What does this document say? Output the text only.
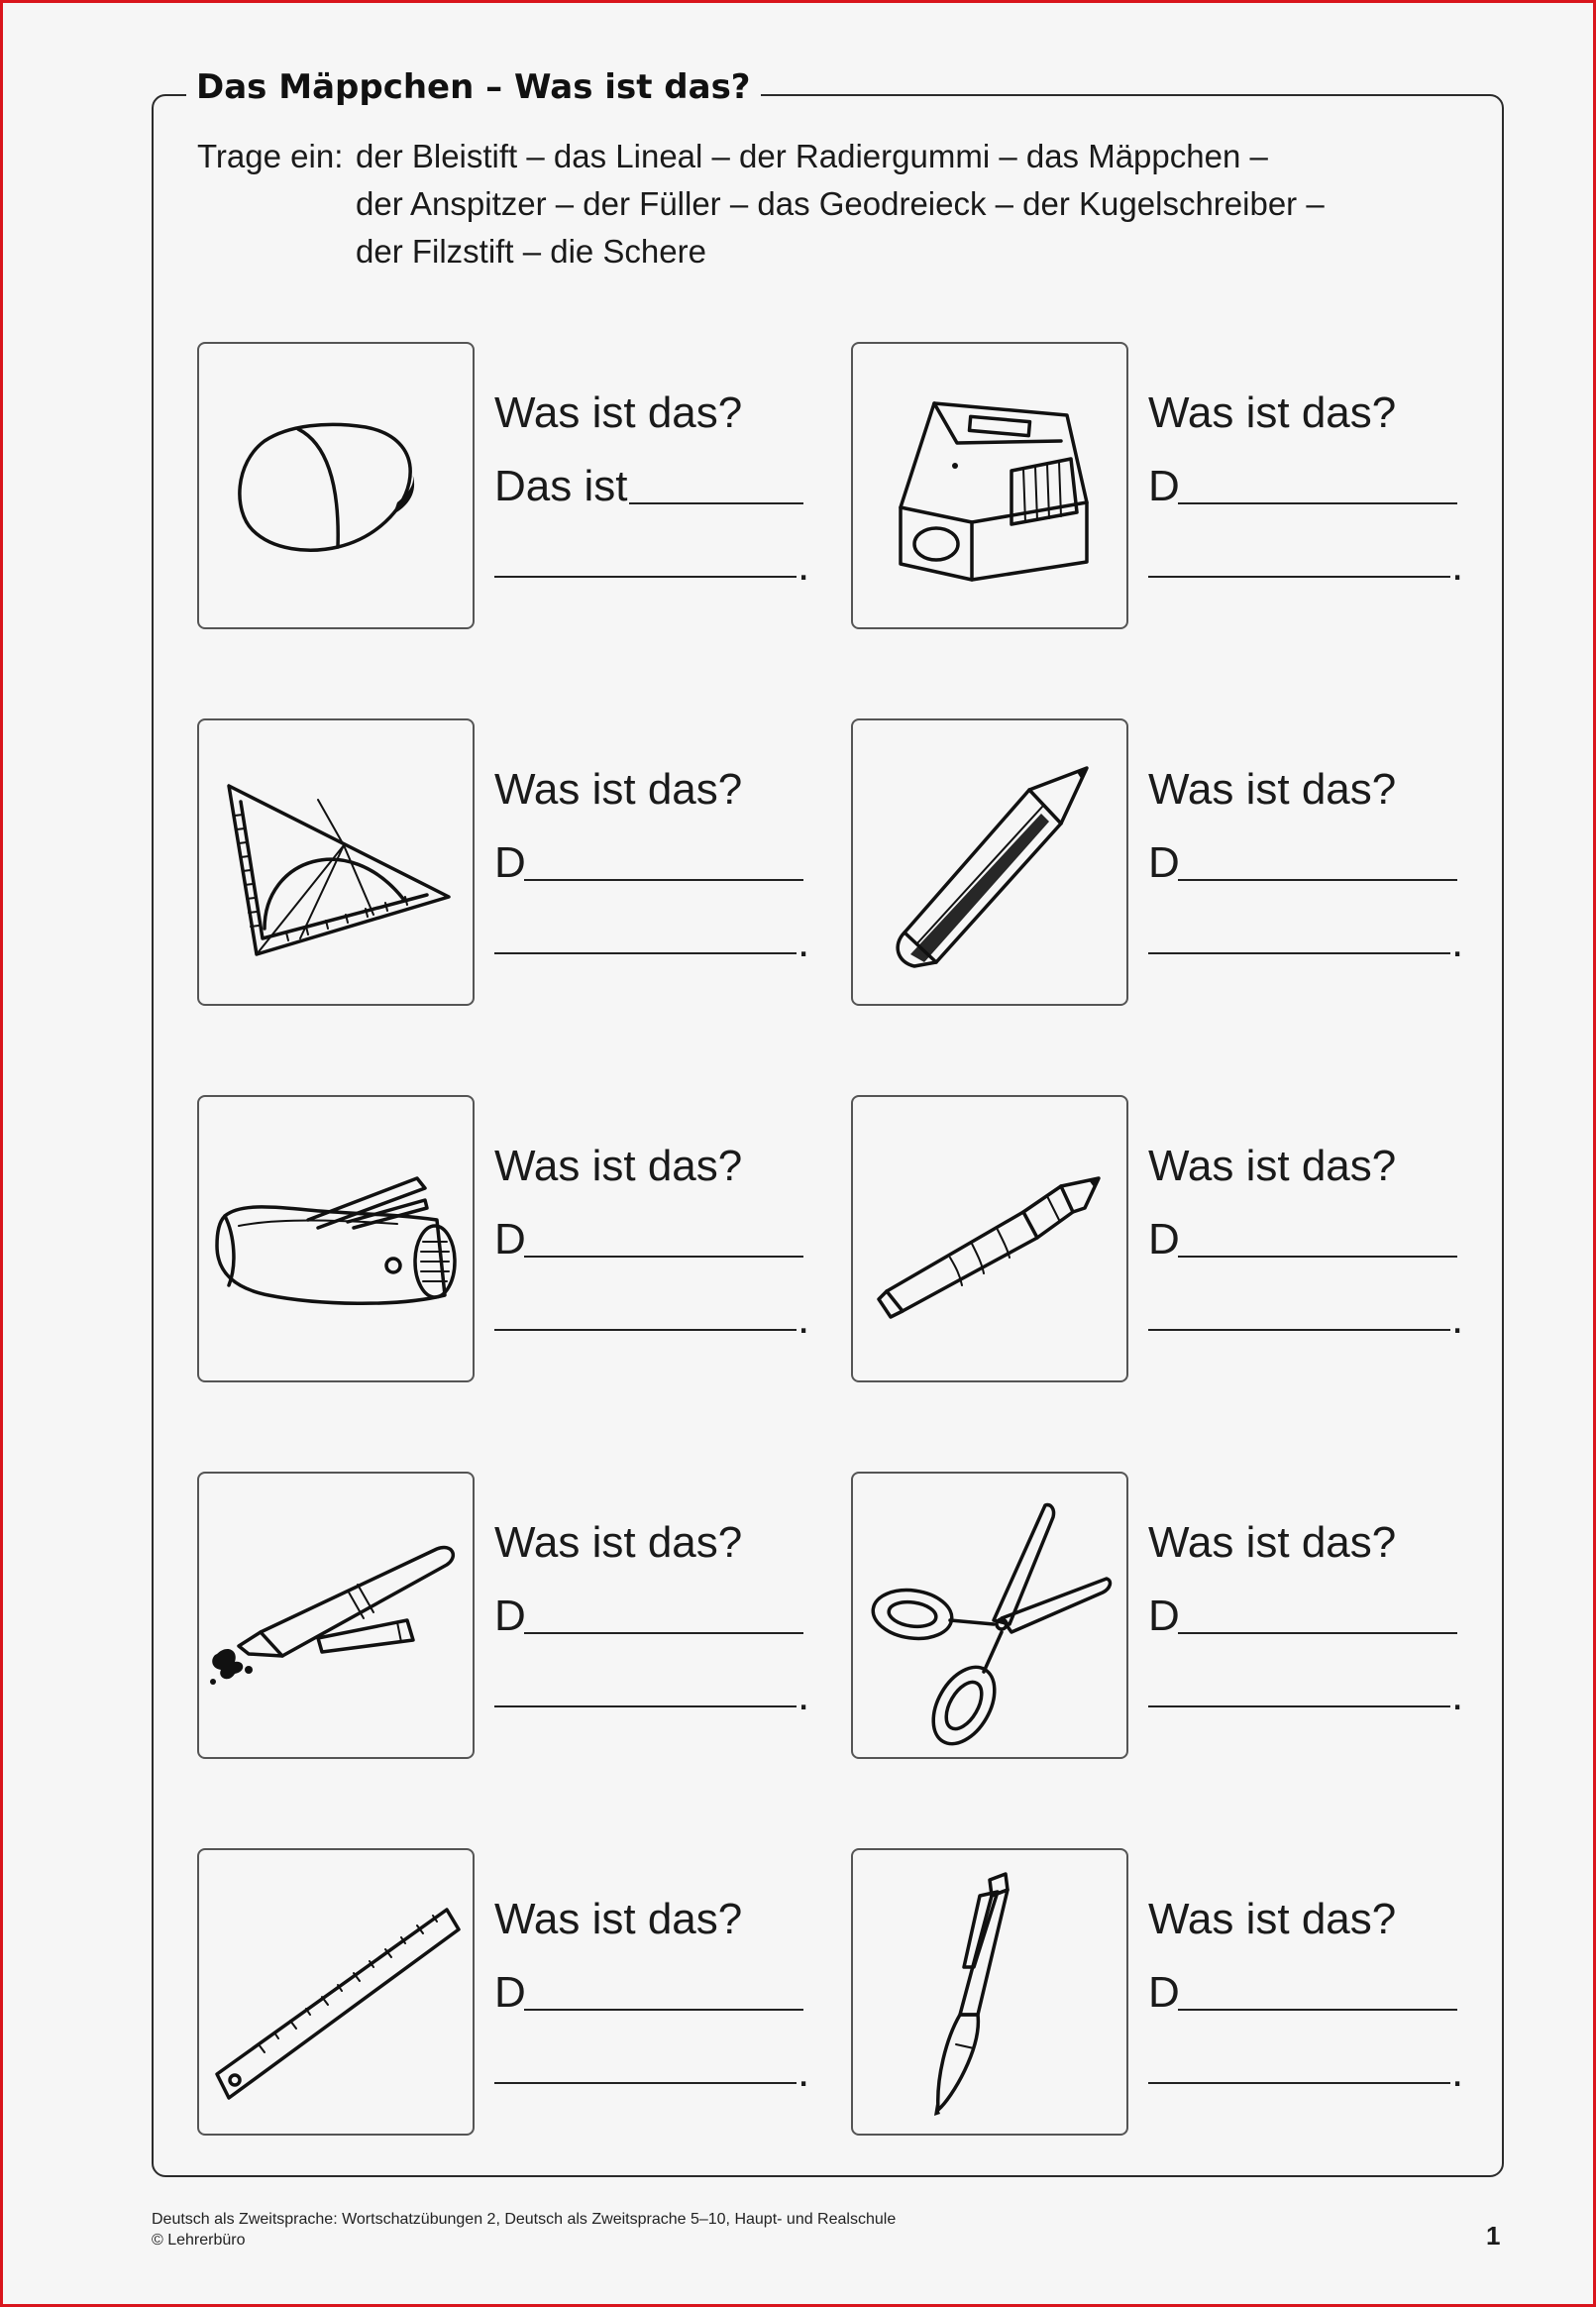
Das Mäppchen – Was ist das?
Trage ein: der Bleistift – das Lineal – der Radiergummi – das Mäppchen –
der Anspitzer – der Füller – das Geodreieck – der Kugelschreiber –
der Filzstift – die Schere
Was ist das?
Das ist
.
Was ist das?
D
.
Was ist das?
D
.
Was ist das?
D
.
Was ist das?
D
.
Was ist das?
D
.
Was ist das?
D
.
Was ist das?
D
.
Was ist das?
D
.
Was ist das?
D
.
Deutsch als Zweitsprache: Wortschatzübungen 2, Deutsch als Zweitsprache 5–10, Haupt- und Realschule
© Lehrerbüro	1
